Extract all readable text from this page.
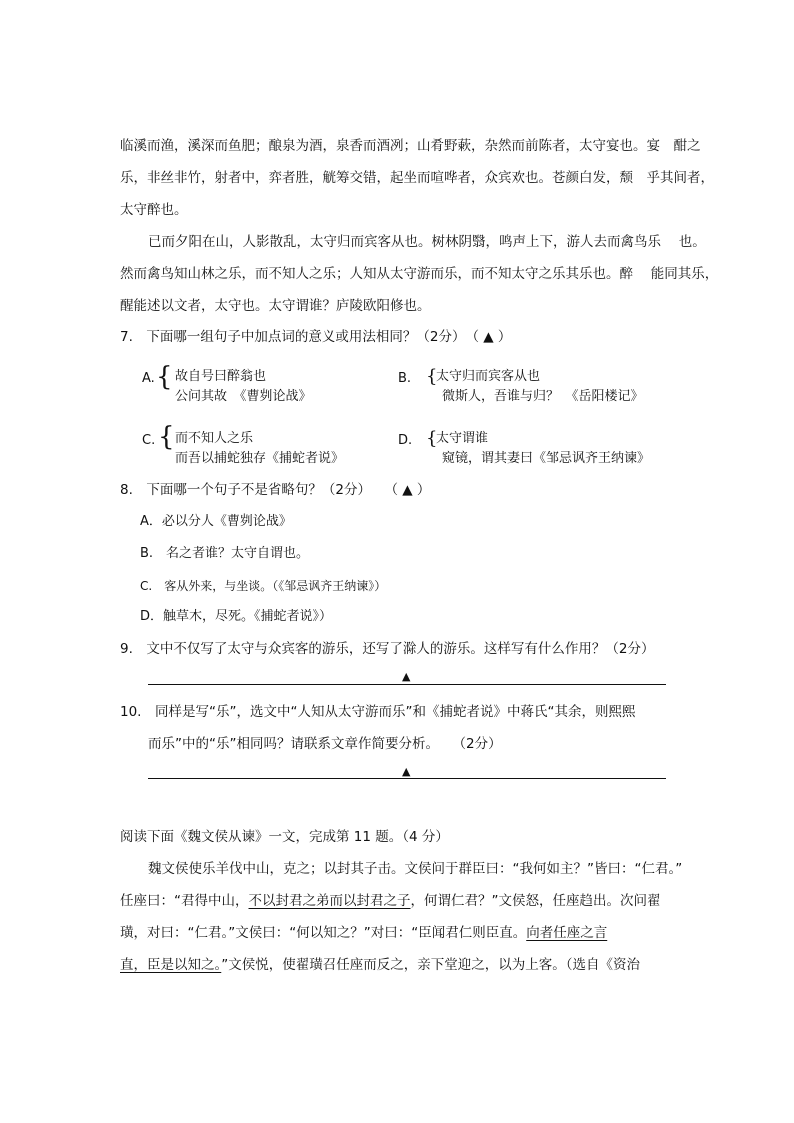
临溪而渔，溪深而鱼肥；酿泉为酒，泉香而酒冽；山肴野蔌，杂然而前陈者，太守宴也。宴　酣之
乐，非丝非竹，射者中，弈者胜，觥筹交错，起坐而喧哗者，众宾欢也。苍颜白发，颓　乎其间者，
太守醉也。
已而夕阳在山，人影散乱，太守归而宾客从也。树林阴翳，鸣声上下，游人去而禽鸟乐　 也。
然而禽鸟知山林之乐，而不知人之乐；人知从太守游而乐，而不知太守之乐其乐也。醉　 能同其乐，
醒能述以文者，太守也。太守谓谁？庐陵欧阳修也。
7.　下面哪一组句子中加点词的意义或用法相同？（2分）　（ ▲ ）
A. { 故自号曰醉翁也
公问其故　《曹刿论战》
B. {
太守归而宾客从也
微斯人，吾谁与归？　《岳阳楼记》
C. { 而不知人之乐
而吾以捕蛇独存《捕蛇者说》
D. {
太守谓谁
窥镜，谓其妻曰《邹忌讽齐王纳谏》
8.　下面哪一个句子不是省略句？（2分）　　（ ▲ ）
A．必以分人《曹刿论战》
B.　名之者谁？太守自谓也。
C.　客从外来，与坐谈。（《邹忌讽齐王纳谏》）
D．触草木，尽死。《捕蛇者说》）
9.　文中不仅写了太守与众宾客的游乐，还写了滁人的游乐。这样写有什么作用？（2分）
▲
10.　同样是写“乐”，选文中“人知从太守游而乐”和《捕蛇者说》中蒋氏“其余，则熙熙
而乐”中的“乐”相同吗？请联系文章作简要分析。　　（2分）
▲
阅读下面《魏文侯从谏》一文，完成第 11 题。（4 分）
魏文侯使乐羊伐中山，克之；以封其子击。文侯问于群臣曰：“我何如主？”皆曰：“仁君。”
任座曰：“君得中山，不以封君之弟而以封君之子，何谓仁君？”文侯怒，任座趋出。次问翟
璜，对曰：“仁君。”文侯曰：“何以知之？”对曰：“臣闻君仁则臣直。向者任座之言
直，臣是以知之。”文侯悦，使翟璜召任座而反之，亲下堂迎之，以为上客。（选自《资治
